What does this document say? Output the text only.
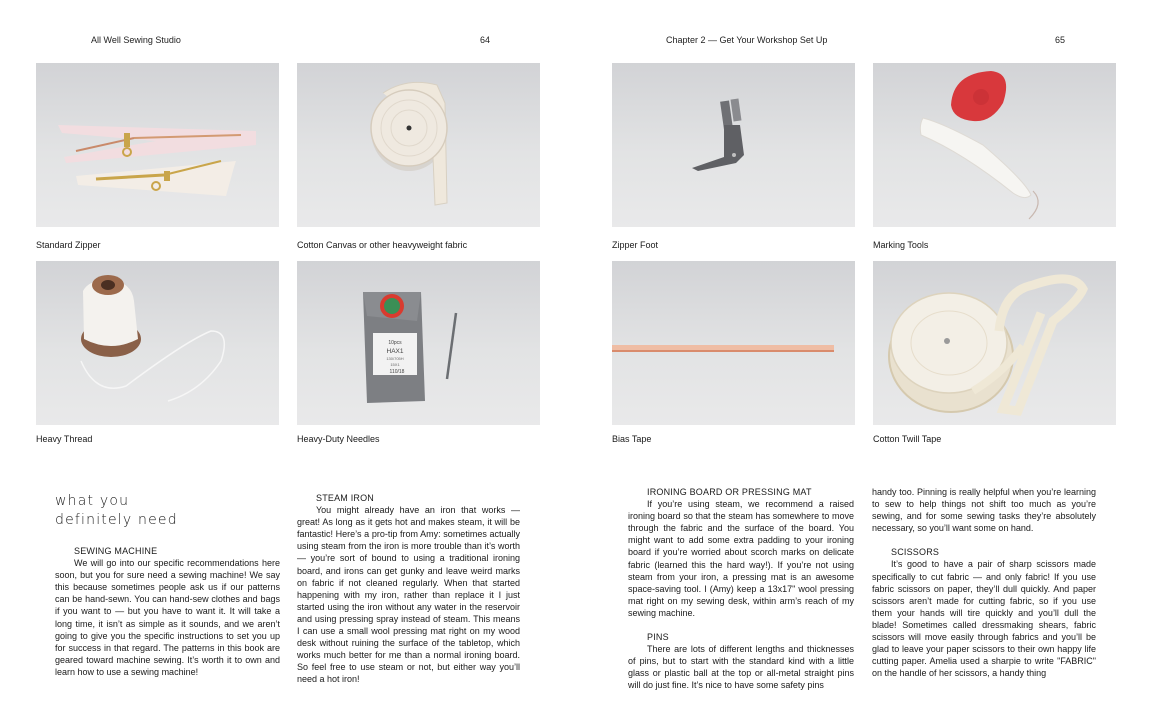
All Well Sewing Studio	64	Chapter 2 — Get Your Workshop Set Up	65
Standard Zipper	Cotton Canvas or other heavyweight fabric
Heavy Thread
10pcs
HAX1
130/705H
15X1
110/18
Heavy-Duty Needles
Zipper Foot	Marking Tools
Bias Tape	Cotton Twill Tape
what you
definitely need
SEWING MACHINE

We will go into our specific recommendations here soon, but you for sure need a sewing machine! We say this because sometimes people ask us if our patterns can be hand-sewn. You can hand-sew clothes and bags if you want to — but you have to want it. It will take a long time, it isn’t as simple as it sounds, and we aren’t going to give you the specific instructions to set you up for success in that regard. The patterns in this book are geared toward machine sewing. It’s worth it to own and learn how to use a sewing machine!

STEAM IRON

You might already have an iron that works — great! As long as it gets hot and makes steam, it will be fantastic! Here’s a pro-tip from Amy: sometimes actually using steam from the iron is more trouble than it’s worth — you’re sort of bound to using a traditional ironing board, and irons can get gunky and leave weird marks on fabric if not cleaned regularly. When that started happening with my iron, rather than replace it I just started using the iron without any water in the reservoir and using pressing spray instead of steam. This means I can use a small wool pressing mat right on my wood desk without ruining the surface of the tabletop, which works much better for me than a normal ironing board. So feel free to use steam or not, but either way you’ll need a hot iron!

IRONING BOARD OR PRESSING MAT

If you’re using steam, we recommend a raised ironing board so that the steam has somewhere to move through the fabric and the surface of the board. You might want to add some extra padding to your ironing board if you’re worried about scorch marks on delicate fabric (learned this the hard way!). If you’re not using steam from your iron, a pressing mat is an awesome space-saving tool. I (Amy) keep a 13x17" wool pressing mat right on my sewing desk, within arm’s reach of my sewing machine.

PINS

There are lots of different lengths and thicknesses of pins, but to start with the standard kind with a little glass or plastic ball at the top or all-metal straight pins will do just fine. It’s nice to have some safety pins

handy too. Pinning is really helpful when you’re learning to sew to help things not shift too much as you’re sewing, and for some sewing tasks they’re absolutely necessary, so you’ll want some on hand.

SCISSORS

It’s good to have a pair of sharp scissors made specifically to cut fabric — and only fabric! If you use fabric scissors on paper, they’ll dull quickly. And paper scissors aren’t made for cutting fabric, so if you use them your hands will tire quickly and you’ll dull the blade! Sometimes called dressmaking shears, fabric scissors will move easily through fabrics and you’ll be glad to leave your paper scissors to their own happy life cutting paper. Amelia used a sharpie to write "FABRIC" on the handle of her scissors, a handy thing
